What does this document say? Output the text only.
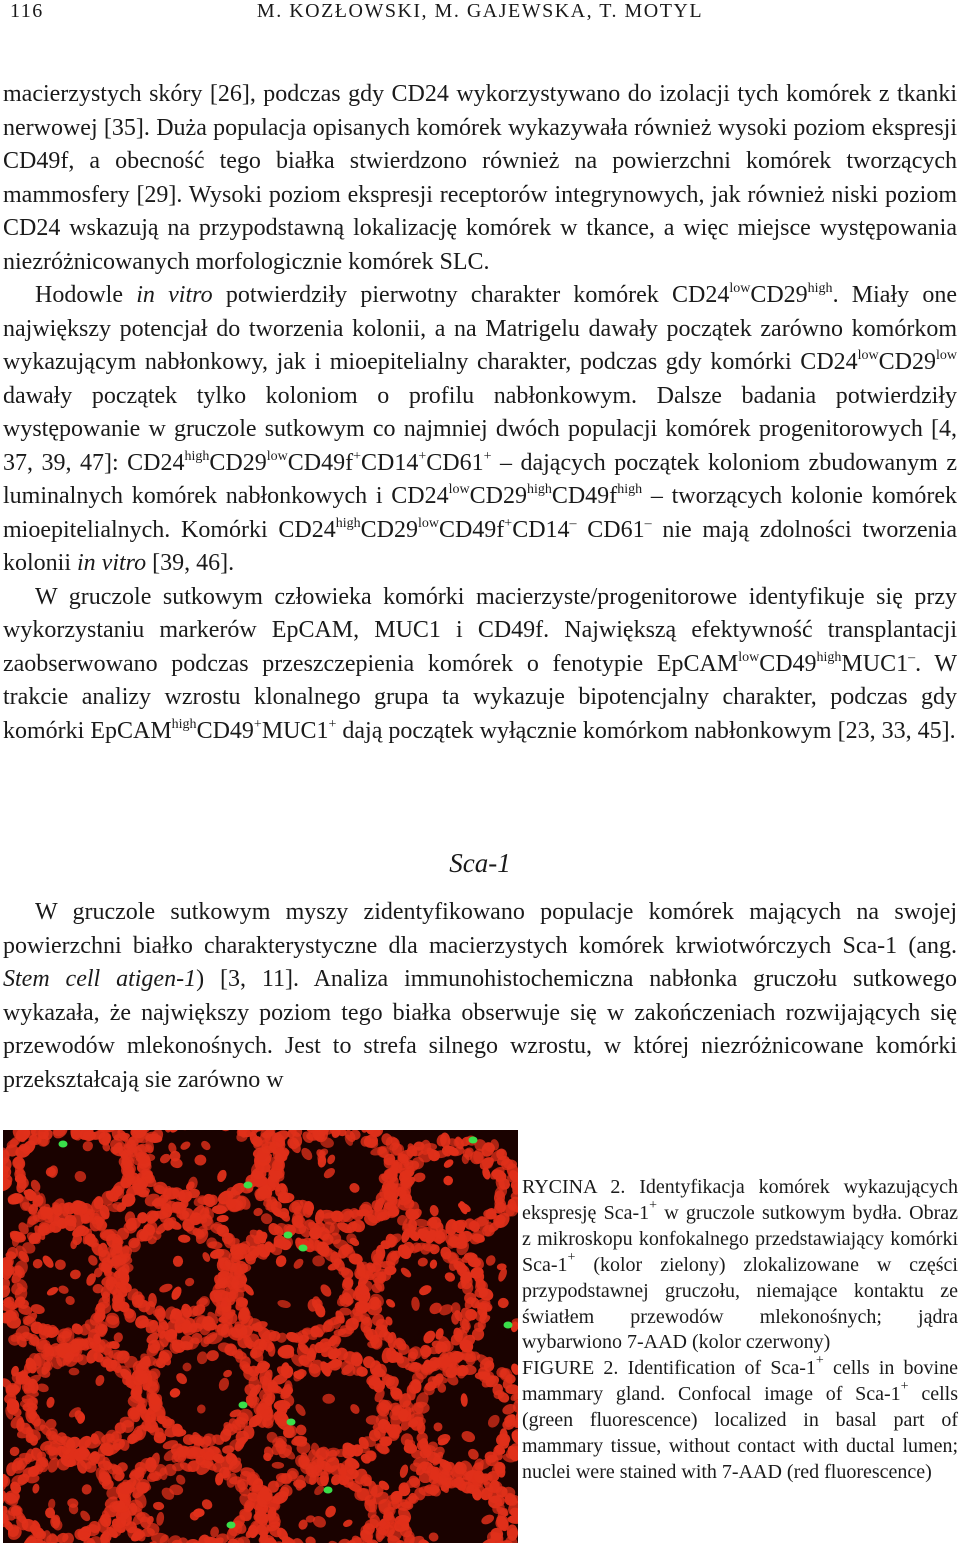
116	M. KOZŁOWSKI, M. GAJEWSKA, T. MOTYL

macierzystych skóry [26], podczas gdy CD24 wykorzystywano do izolacji tych komórek z tkanki nerwowej [35]. Duża populacja opisanych komórek wykazywała również wysoki poziom ekspresji CD49f, a obecność tego białka stwierdzono również na powierzchni komórek tworzących mammosfery [29]. Wysoki poziom ekspresji receptorów integrynowych, jak również niski poziom CD24 wskazują na przypodstawną lokalizację komórek w tkance, a więc miejsce występowania niezróżnicowanych morfologicznie komórek SLC.

Hodowle in vitro potwierdziły pierwotny charakter komórek $CD24^{low}CD29^{high}$. Miały one największy potencjał do tworzenia kolonii, a na Matrigelu dawały początek zarówno komórkom wykazującym nabłonkowy, jak i mioepitelialny charakter, podczas gdy komórki $CD24^{low}CD29^{low}$ dawały początek tylko koloniom o profilu nabłonkowym. Dalsze badania potwierdziły występowanie w gruczole sutkowym co najmniej dwóch populacji komórek progenitorowych [4, 37, 39, 47]: $CD24^{high}CD29^{low}CD49f^+CD14^+CD61^+$ – dających początek koloniom zbudowanym z luminalnych komórek nabłonkowych i $CD24^{low}CD29^{high}CD49f^{high}$ – tworzących kolonie komórek mioepitelialnych. Komórki $CD24^{high}CD29^{low}CD49f^+CD14^-$ CD61– nie mają zdolności tworzenia kolonii in vitro [39, 46].

W gruczole sutkowym człowieka komórki macierzyste/progenitorowe identyfikuje się przy wykorzystaniu markerów EpCAM, MUC1 i CD49f. Największą efektywność transplantacji zaobserwowano podczas przeszczepienia komórek o fenotypie $EpCAM^{low}CD49^{high}MUC1^-$. W trakcie analizy wzrostu klonalnego grupa ta wykazuje bipotencjalny charakter, podczas gdy komórki EpCAM$^{high}$CD49+MUC1+ dają początek wyłącznie komórkom nabłonkowym [23, 33, 45].

Sca-1

W gruczole sutkowym myszy zidentyfikowano populacje komórek mających na swojej powierzchni białko charakterystyczne dla macierzystych komórek krwiotwórczych Sca-1 (ang. Stem cell atigen-1) [3, 11]. Analiza immunohistochemiczna nabłonka gruczołu sutkowego wykazała, że największy poziom tego białka obserwuje się w zakończeniach rozwijających się przewodów mlekonośnych. Jest to strefa silnego wzrostu, w której niezróżnicowane komórki przekształcają sie zarówno w

RYCINA 2. Identyfikacja komórek wykazujących ekspresję Sca-1+ w gruczole sutkowym bydła. Obraz z mikroskopu konfokalnego przedstawiający komórki Sca-1+ (kolor zielony) zlokalizowane w części przypodstawnej gruczołu, niemające kontaktu ze światłem przewodów mlekonośnych; jądra wybarwiono 7-AAD (kolor czerwony)

FIGURE 2. Identification of Sca-1+ cells in bovine mammary gland. Confocal image of Sca-1+ cells (green fluorescence) localized in basal part of mammary tissue, without contact with ductal lumen; nuclei were stained with 7-AAD (red fluorescence)
